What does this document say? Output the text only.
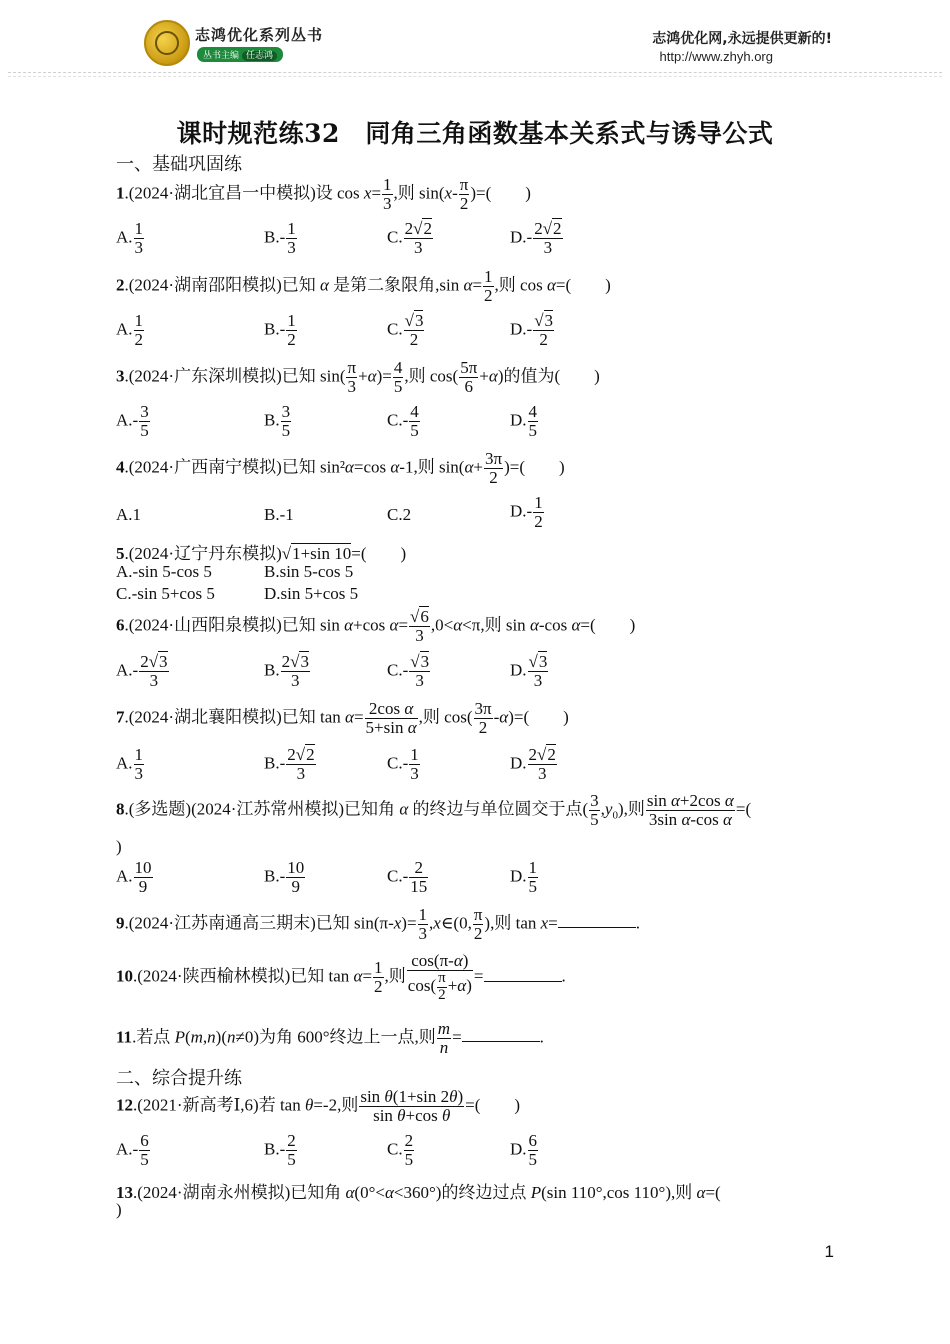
志鸿优化系列丛书
丛书主编 任志鸿
志鸿优化网,永远提供更新的!
http://www.zhyh.org
课时规范练32　同角三角函数基本关系式与诱导公式
一、基础巩固练
1.(2024·湖北宜昌一中模拟)设 $\cos x= \frac{1}{3}$ ,则 $\sin(x- \frac{\pi}{2}$ )=(　　)
A. $\frac{1}{3}$	$B.- \frac{1}{3}$	C. $\frac{2√2}{3}$	$D.- \frac{2√2}{3}$
2.(2024·湖南邵阳模拟)已知 α 是第二象限角,sin $\alpha= \frac{1}{2}$ ,则 cos α=(　　)
A. $\frac{1}{2}$	$B.- \frac{1}{2}$	C. $\frac{√3}{2}$	$D.- \frac{√3}{2}$
3.(2024·广东深圳模拟)已知 $\sin( \frac{\pi}{3} +\alpha)= \frac{4}{5}$ ,则 $\cos( \frac{5\pi}{6} +\alpha)$的值为(　　)
$A.- \frac{3}{5}$	B. $\frac{3}{5}$	$C.- \frac{4}{5}$	D. $\frac{4}{5}$
4.(2024·广西南宁模拟)已知 sin²α=cos α-1,则 $\sin(\alpha+ \frac{3\pi}{2}$ )=(　　)
A.1	B.-1	C.2	$D.- \frac{1}{2}$
5.(2024·辽宁丹东模拟)√1+sin 10=(　　)
A.-sin 5-cos 5	B.sin 5-cos 5
C.-sin 5+cos 5	D.sin 5+cos 5
6.(2024·山西阳泉模拟)已知 sin α+cos $\alpha= \frac{√6}{3} ,0<\alpha<\pi$,则 sin α-cos α=(　　)
$A.- \frac{2√3}{3}$	B. $\frac{2√3}{3}$	$C.- \frac{√3}{3}$	D. $\frac{√3}{3}$
7.(2024·湖北襄阳模拟)已知 $\tan \alpha= \frac{\text{2cos α}}{\text{5+sin α}}$ ,则 $\cos( \frac{3\pi}{2} -\alpha)=$(　　)
A. $\frac{1}{3}$	$B.- \frac{2√2}{3}$	$C.- \frac{1}{3}$	D. $\frac{2√2}{3}$
8.(多选题)(2024·江苏常州模拟)已知角 α 的终边与单位圆交于点( $\frac{3}{5} ,y_0$),则 $\frac{\text{sin α+2cos α}}{\text{3sin α-cos α}}$ =(
)
A. $\frac{10}{9}$	$B.- \frac{10}{9}$	$C.- \frac{2}{15}$	D. $\frac{1}{5}$
9.(2024·江苏南通高三期末)已知 $\sin(\pi-x)= \frac{1}{3}$ ,x∈(0, $\frac{\pi}{2}$ ),则 tan x=	.
10.(2024·陕西榆林模拟)已知 $\tan \alpha= \frac{1}{2}$ ,则 $\frac{\cos(\pi-\alpha)}{\cos( \frac{\pi}{2} +\alpha)}$ =	.
11.若点 P(m,n)(n≠0)为角 600°终边上一点,则 $\frac{m}{n}$ =	.
二、综合提升练
12.(2021·新高考Ⅰ,6)若 tan θ=-2,则 $\frac{\text{sin θ(1+sin 2θ)}}{\text{sin θ+cos θ}}$ =(　　)
$A.- \frac{6}{5}$	$B.- \frac{2}{5}$	C. $\frac{2}{5}$	D. $\frac{6}{5}$
13.(2024·湖南永州模拟)已知角 α(0°<α<360°)的终边过点 P(sin 110°,cos 110°),则 α=(
)
1
